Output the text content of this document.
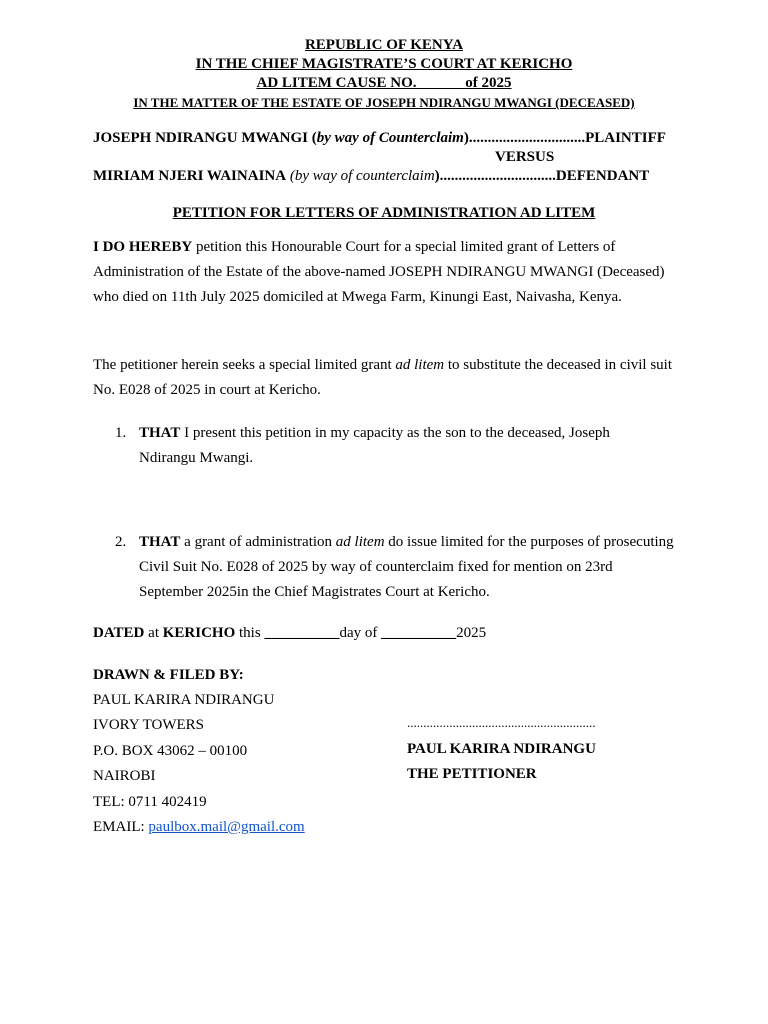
REPUBLIC OF KENYA
IN THE CHIEF MAGISTRATE’S COURT AT KERICHO
AD LITEM CAUSE NO.	of 2025
IN THE MATTER OF THE ESTATE OF JOSEPH NDIRANGU MWANGI (DECEASED)
JOSEPH NDIRANGU MWANGI (by way of Counterclaim)...............................PLAINTIFF
VERSUS
MIRIAM NJERI WAINAINA (by way of counterclaim)...............................DEFENDANT
PETITION FOR LETTERS OF ADMINISTRATION AD LITEM
I DO HEREBY petition this Honourable Court for a special limited grant of Letters of Administration of the Estate of the above-named JOSEPH NDIRANGU MWANGI (Deceased) who died on 11th July 2025 domiciled at Mwega Farm, Kinungi East, Naivasha, Kenya.
The petitioner herein seeks a special limited grant ad litem to substitute the deceased in civil suit No. E028 of 2025 in court at Kericho.
1. THAT I present this petition in my capacity as the son to the deceased, Joseph Ndirangu Mwangi.
2. THAT a grant of administration ad litem do issue limited for the purposes of prosecuting Civil Suit No. E028 of 2025 by way of counterclaim fixed for mention on 23rd September 2025in the Chief Magistrates Court at Kericho.
DATED at KERICHO this __________day of __________2025
DRAWN & FILED BY:
PAUL KARIRA NDIRANGU
IVORY TOWERS
P.O. BOX 43062 – 00100
NAIROBI
TEL: 0711 402419
EMAIL: paulbox.mail@gmail.com
..........................................................
PAUL KARIRA NDIRANGU
THE PETITIONER
